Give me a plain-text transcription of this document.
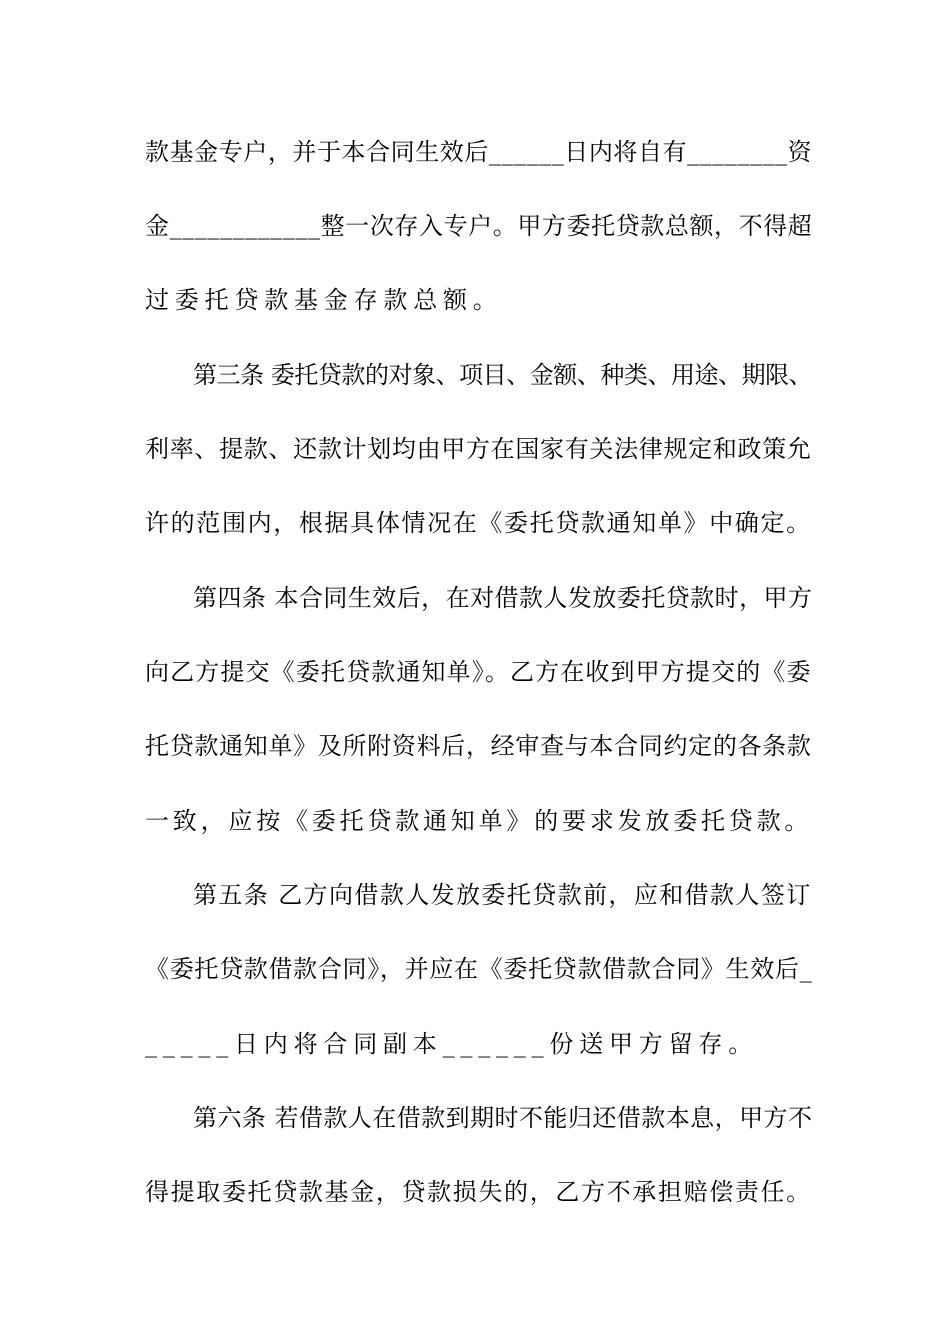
款基金专户，并于本合同生效后______日内将自有________资
金____________整一次存入专户。甲方委托贷款总额，不得超
过委托贷款基金存款总额。
第三条 委托贷款的对象、项目、金额、种类、用途、期限、
利率、提款、还款计划均由甲方在国家有关法律规定和政策允
许的范围内，根据具体情况在《委托贷款通知单》中确定。
第四条 本合同生效后，在对借款人发放委托贷款时，甲方
向乙方提交《委托贷款通知单》。乙方在收到甲方提交的《委
托贷款通知单》及所附资料后，经审查与本合同约定的各条款
一致，应按《委托贷款通知单》的要求发放委托贷款。
第五条 乙方向借款人发放委托贷款前，应和借款人签订
《委托贷款借款合同》，并应在《委托贷款借款合同》生效后_
_____日内将合同副本______份送甲方留存。
第六条 若借款人在借款到期时不能归还借款本息，甲方不
得提取委托贷款基金，贷款损失的，乙方不承担赔偿责任。
